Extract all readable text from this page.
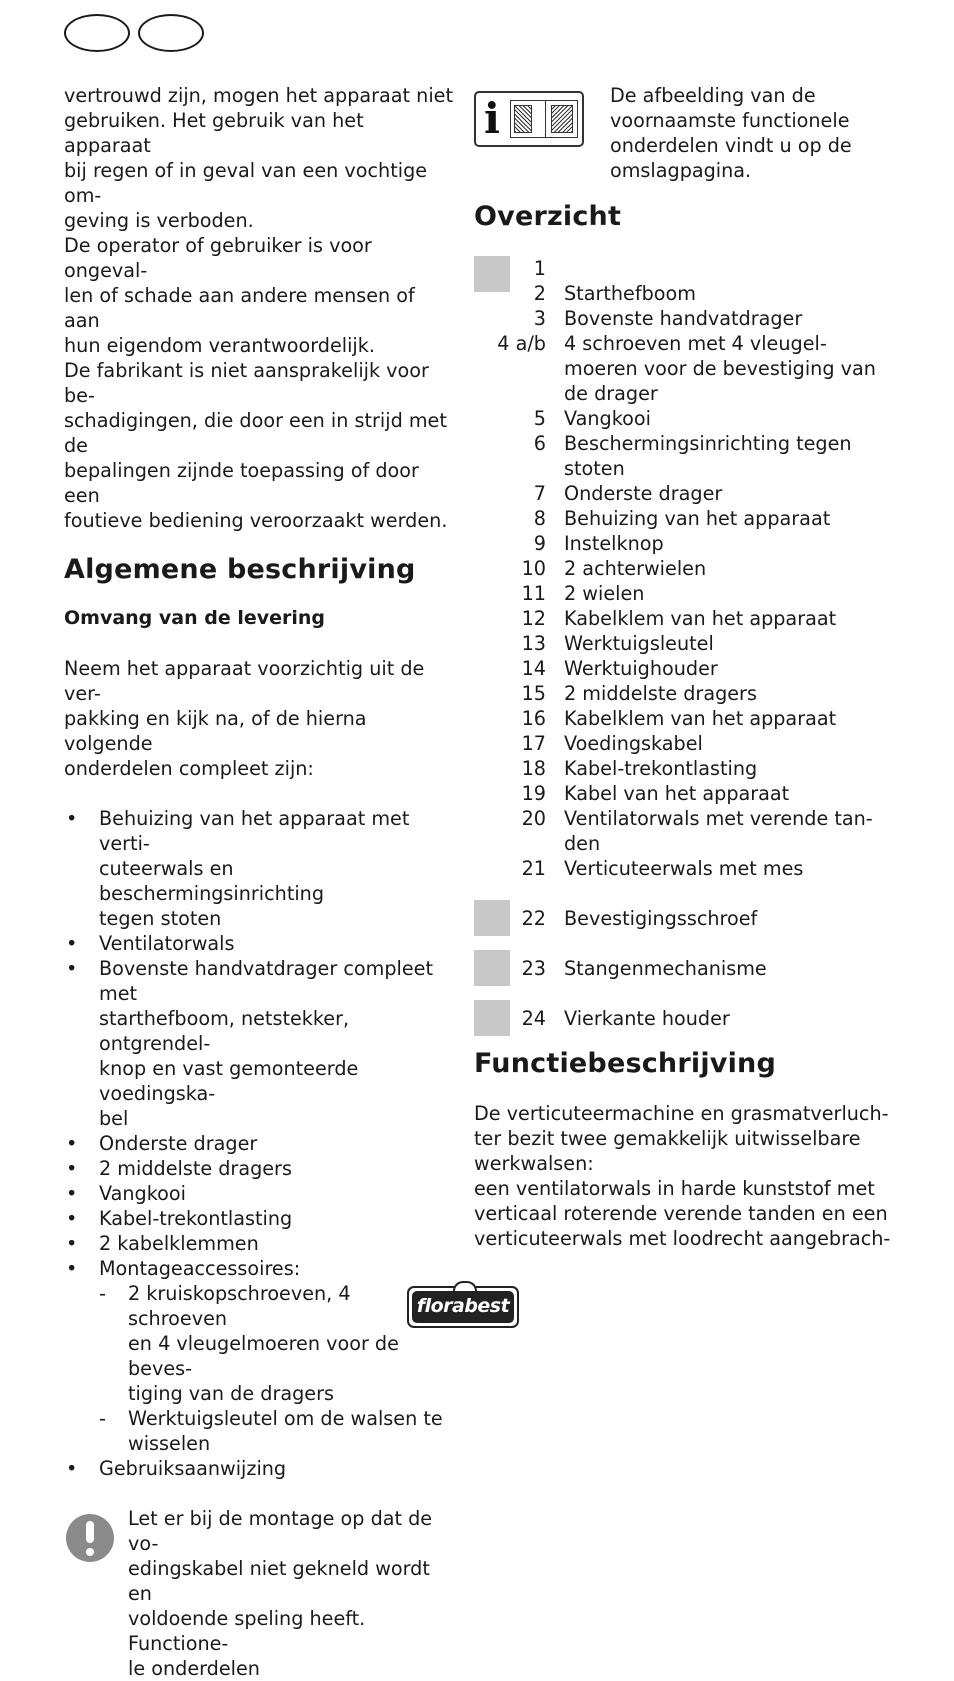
vertrouwd zijn, mogen het apparaat niet
gebruiken. Het gebruik van het apparaat
bij regen of in geval van een vochtige om-
geving is verboden.

De operator of gebruiker is voor ongeval-
len of schade aan andere mensen of aan
hun eigendom verantwoordelijk.

De fabrikant is niet aansprakelijk voor be-
schadigingen, die door een in strijd met de
bepalingen zijnde toepassing of door een
foutieve bediening veroorzaakt werden.

Algemene beschrijving
Omvang van de levering

Neem het apparaat voorzichtig uit de ver-
pakking en kijk na, of de hierna volgende
onderdelen compleet zijn:

• Behuizing van het apparaat met verti-
cuteerwals en beschermingsinrichting
tegen stoten
• Ventilatorwals
• Bovenste handvatdrager compleet met
starthefboom, netstekker, ontgrendel-
knop en vast gemonteerde voedingska-
bel
• Onderste drager
• 2 middelste dragers
• Vangkooi
• Kabel-trekontlasting
• 2 kabelklemmen
• Montageaccessoires:
- 2 kruiskopschroeven, 4 schroeven
en 4 vleugelmoeren voor de beves-
tiging van de dragers
- Werktuigsleutel om de walsen te
wisselen
• Gebruiksaanwijzing

Let er bij de montage op dat de vo-
edingskabel niet gekneld wordt en
voldoende speling heeft. Functione-
le onderdelen

i	De afbeelding van de
voornaamste functionele
onderdelen vindt u op de
omslagpagina.

Overzicht
1
2 Starthefboom
3 Bovenste handvatdrager
4 a/b 4 schroeven met 4 vleugel-
moeren voor de bevestiging van
de drager
5 Vangkooi
6 Beschermingsinrichting tegen
stoten
7 Onderste drager
8 Behuizing van het apparaat
9 Instelknop
10 2 achterwielen
11 2 wielen
12 Kabelklem van het apparaat
13 Werktuigsleutel
14 Werktuighouder
15 2 middelste dragers
16 Kabelklem van het apparaat
17 Voedingskabel
18 Kabel-trekontlasting
19 Kabel van het apparaat
20 Ventilatorwals met verende tan-
den
21 Verticuteerwals met mes
22 Bevestigingsschroef
23 Stangenmechanisme
24 Vierkante houder
Functiebeschrijving

De verticuteermachine en grasmatverluch-
ter bezit twee gemakkelijk uitwisselbare
werkwalsen:

een ventilatorwals in harde kunststof met
verticaal roterende verende tanden en een
verticuteerwals met loodrecht aangebrach-

florabest
